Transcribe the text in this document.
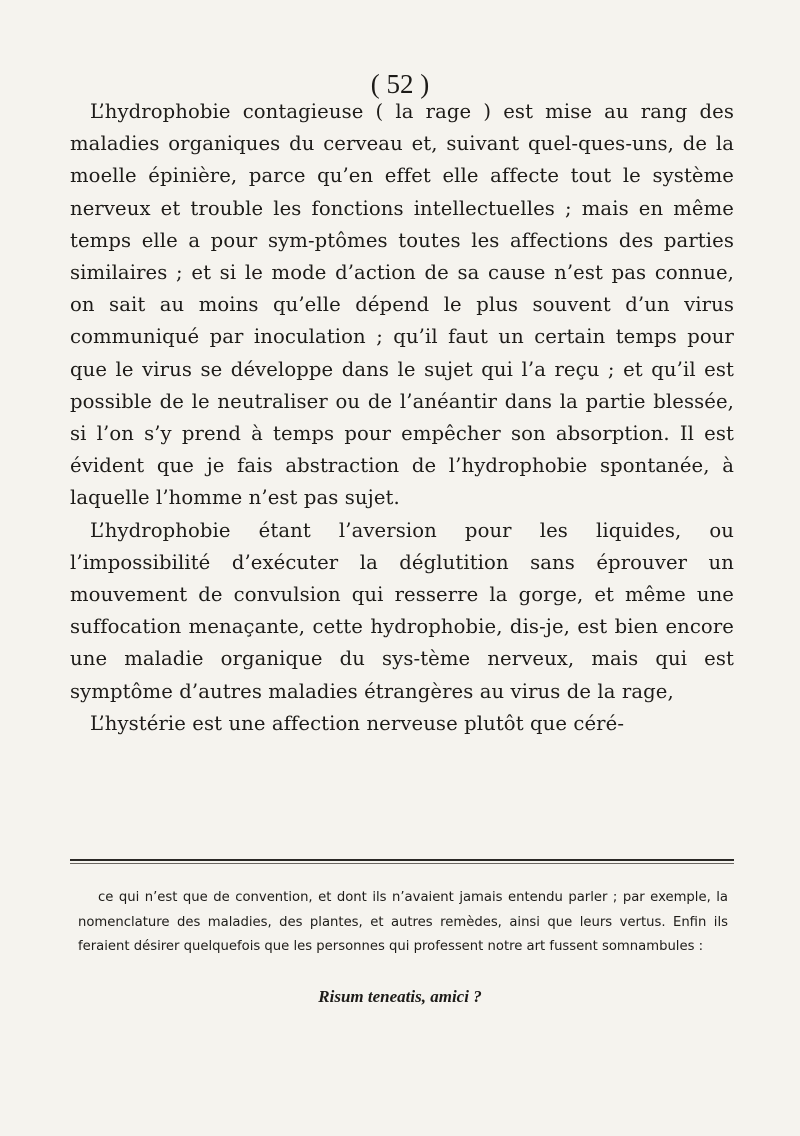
( 52 )

L’hydrophobie contagieuse ( la rage ) est mise au rang des maladies organiques du cerveau et, suivant quel-ques-uns, de la moelle épinière, parce qu’en effet elle affecte tout le système nerveux et trouble les fonctions intellectuelles ; mais en même temps elle a pour sym-ptômes toutes les affections des parties similaires ; et si le mode d’action de sa cause n’est pas connue, on sait au moins qu’elle dépend le plus souvent d’un virus communiqué par inoculation ; qu’il faut un certain temps pour que le virus se développe dans le sujet qui l’a reçu ; et qu’il est possible de le neutraliser ou de l’anéantir dans la partie blessée, si l’on s’y prend à temps pour empêcher son absorption. Il est évident que je fais abstraction de l’hydrophobie spontanée, à laquelle l’homme n’est pas sujet.

L’hydrophobie étant l’aversion pour les liquides, ou l’impossibilité d’exécuter la déglutition sans éprouver un mouvement de convulsion qui resserre la gorge, et même une suffocation menaçante, cette hydrophobie, dis-je, est bien encore une maladie organique du sys-tème nerveux, mais qui est symptôme d’autres maladies étrangères au virus de la rage,

L’hystérie est une affection nerveuse plutôt que céré-

ce qui n’est que de convention, et dont ils n’avaient jamais entendu parler ; par exemple, la nomenclature des maladies, des plantes, et autres remèdes, ainsi que leurs vertus. Enfin ils feraient désirer quelquefois que les personnes qui professent notre art fussent somnambules :

Risum teneatis, amici ?
